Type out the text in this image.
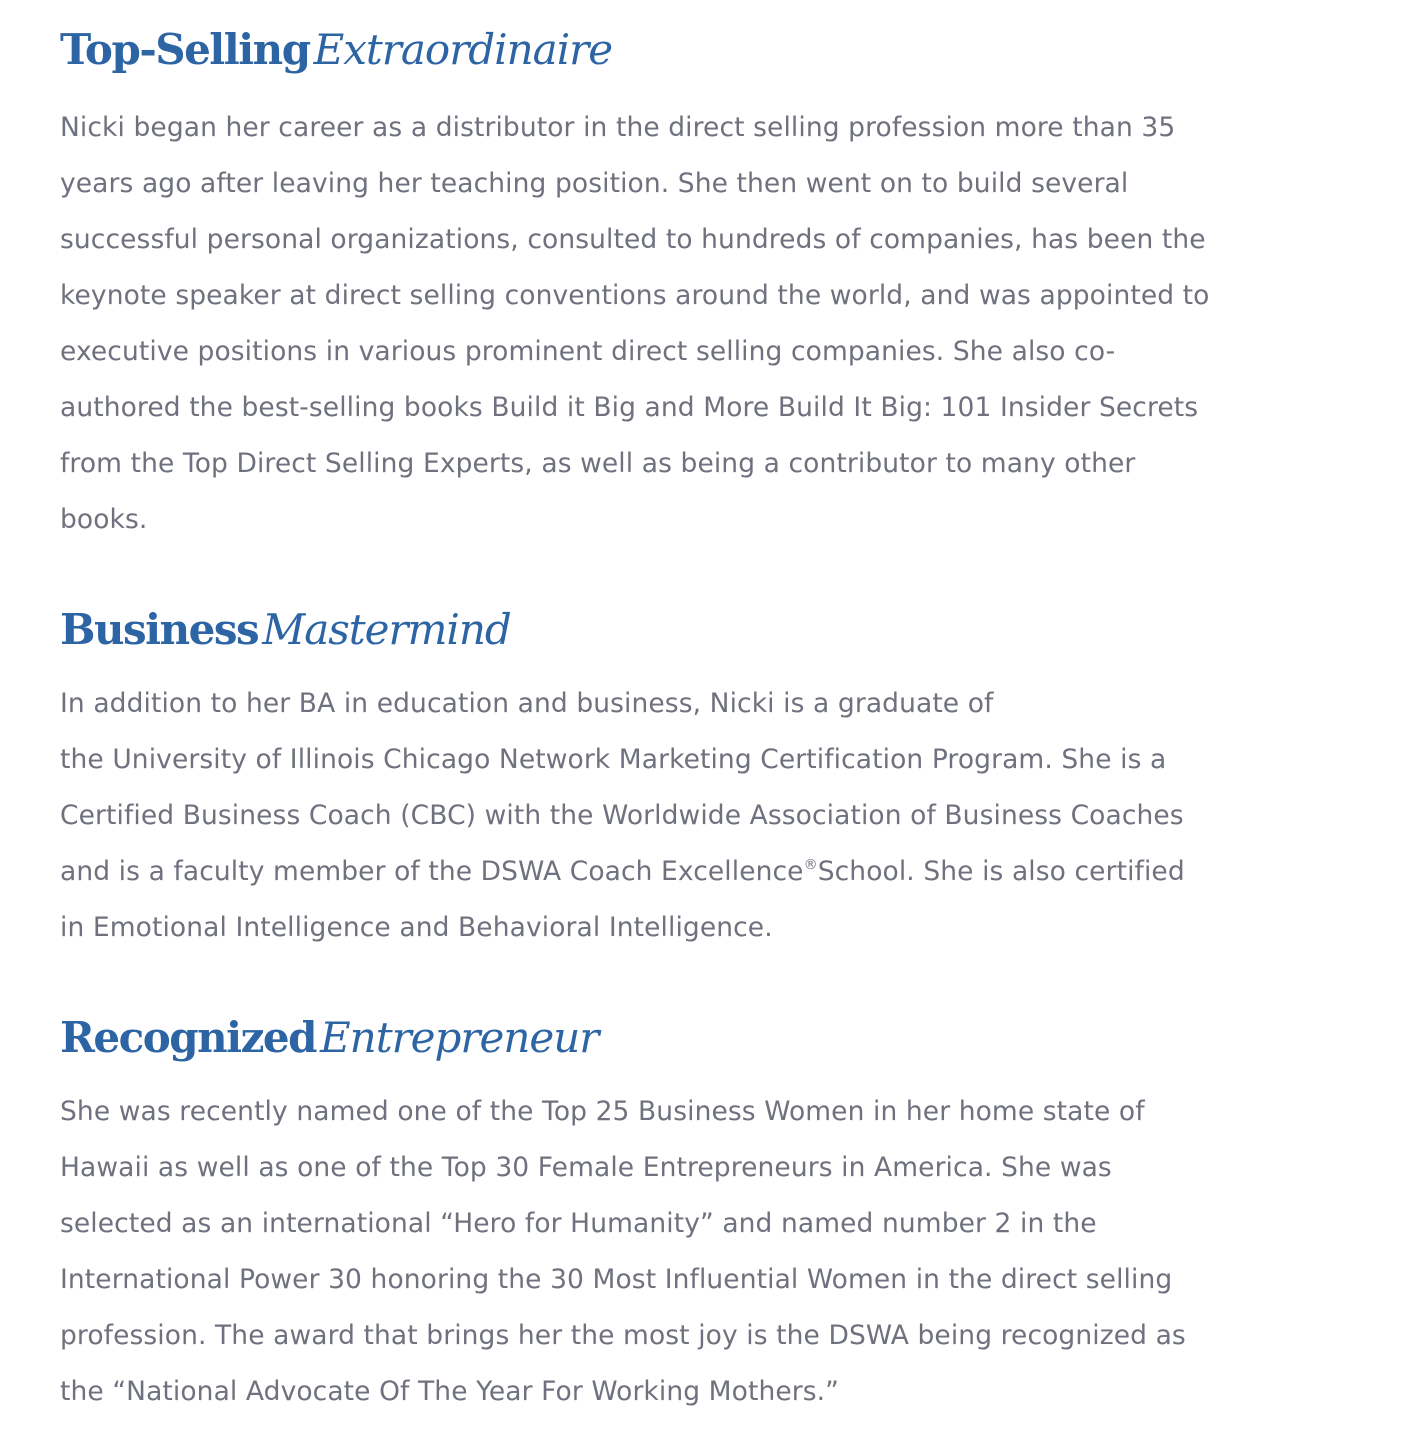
Top-SellingExtraordinaire

Nicki began her career as a distributor in the direct selling profession more than 35
years ago after leaving her teaching position. She then went on to build several
successful personal organizations, consulted to hundreds of companies, has been the
keynote speaker at direct selling conventions around the world, and was appointed to
executive positions in various prominent direct selling companies. She also co-
authored the best-selling books Build it Big and More Build It Big: 101 Insider Secrets
from the Top Direct Selling Experts, as well as being a contributor to many other
books.

BusinessMastermind

In addition to her BA in education and business, Nicki is a graduate of
the University of Illinois Chicago Network Marketing Certification Program. She is a
Certified Business Coach (CBC) with the Worldwide Association of Business Coaches
and is a faculty member of the DSWA Coach Excellence®School. She is also certified
in Emotional Intelligence and Behavioral Intelligence.

RecognizedEntrepreneur

She was recently named one of the Top 25 Business Women in her home state of
Hawaii as well as one of the Top 30 Female Entrepreneurs in America. She was
selected as an international “Hero for Humanity” and named number 2 in the
International Power 30 honoring the 30 Most Influential Women in the direct selling
profession. The award that brings her the most joy is the DSWA being recognized as
the “National Advocate Of The Year For Working Mothers.”
